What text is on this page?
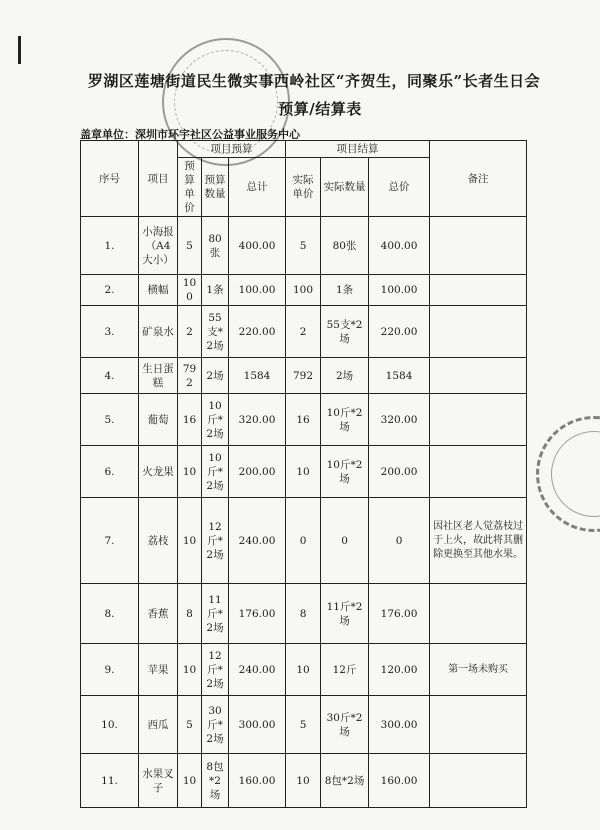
罗湖区莲塘街道民生微实事西岭社区“齐贺生，同聚乐”长者生日会
预算/结算表
盖章单位：深圳市环宇社区公益事业服务中心
序号	项目	项目预算			项目结算			备注
		预算单价	预算数量	总计	实际单价	实际数量	总价	
1.	小海报（A4大小）	5	80张	400.00	5	80张	400.00	
2.	横幅	100	1条	100.00	100	1条	100.00	
3.	矿泉水	2	55支*2场	220.00	2	55支*2场	220.00	
4.	生日蛋糕	792	2场	1584	792	2场	1584	
5.	葡萄	16	10斤*2场	320.00	16	10斤*2场	320.00	
6.	火龙果	10	10斤*2场	200.00	10	10斤*2场	200.00	
7.	荔枝	10	12斤*2场	240.00	0	0	0	因社区老人觉荔枝过于上火，故此将其删除更换至其他水果。
8.	香蕉	8	11斤*2场	176.00	8	11斤*2场	176.00	
9.	苹果	10	12斤*2场	240.00	10	12斤	120.00	第一场未购买
10.	西瓜	5	30斤*2场	300.00	5	30斤*2场	300.00	
11.	水果叉子	10	8包*2场	160.00	10	8包*2场	160.00	
